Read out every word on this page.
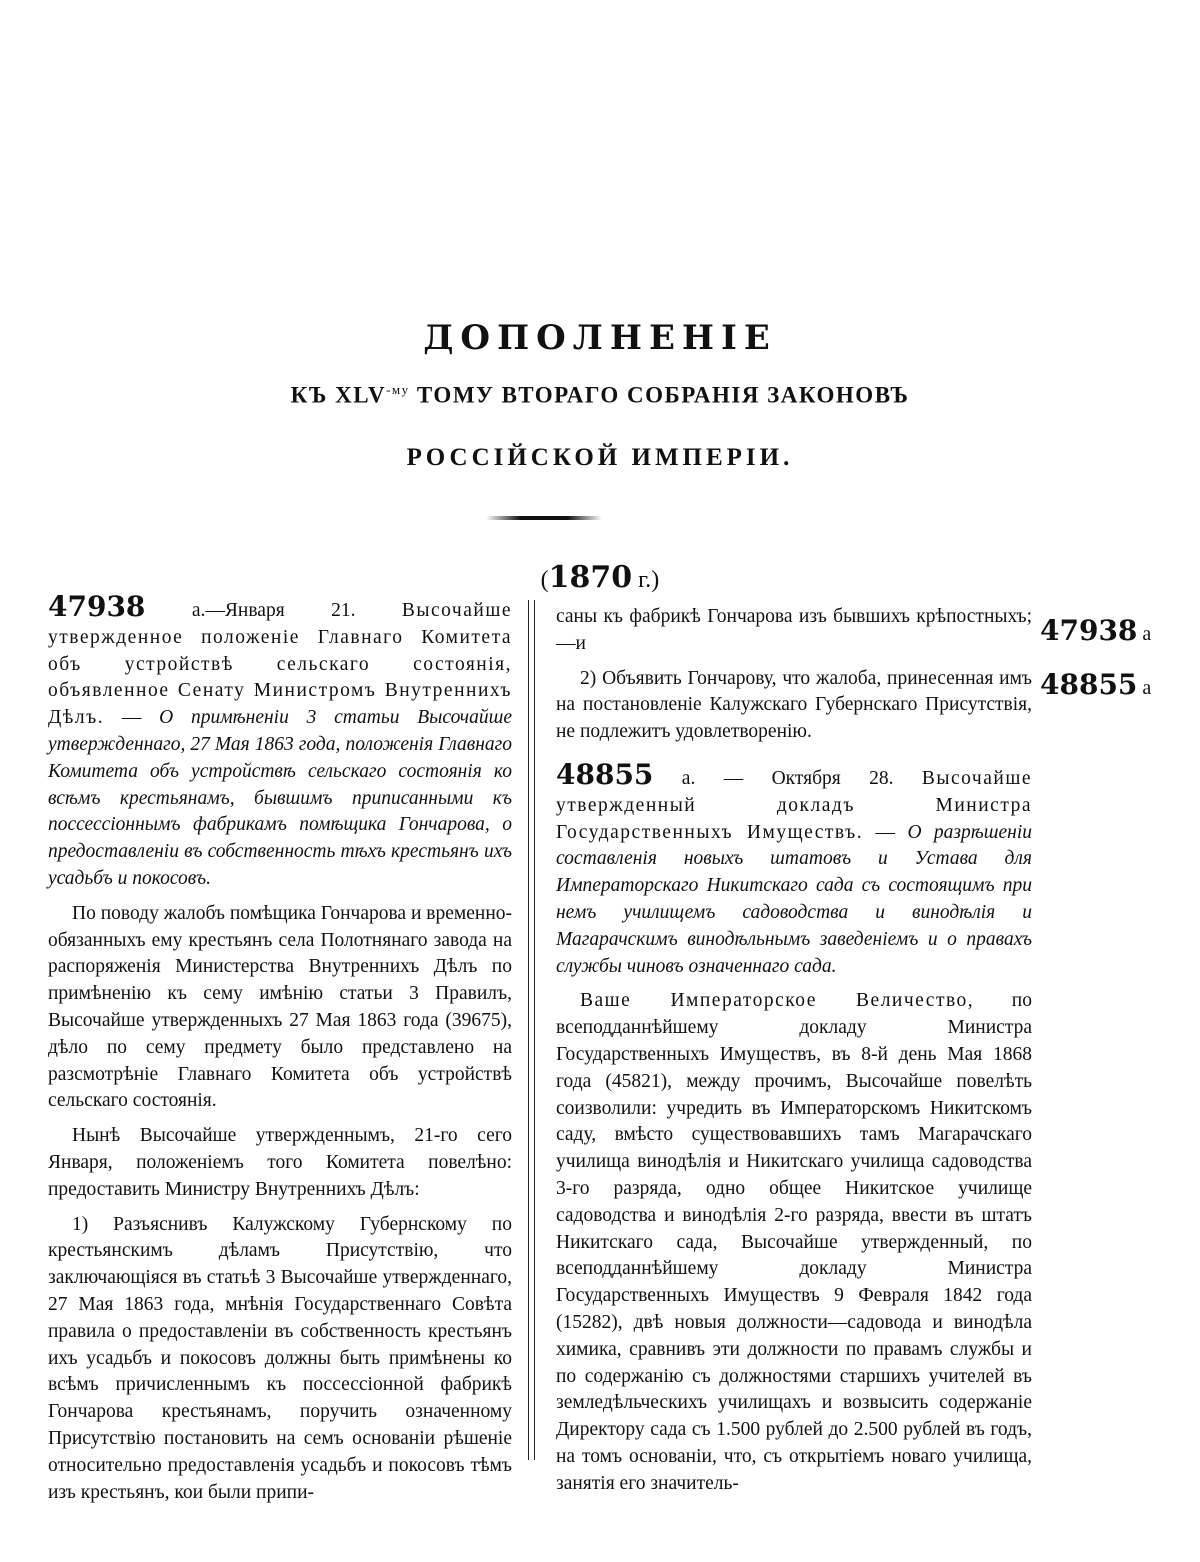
ДОПОЛНЕНІЕ
КЪ $XLV^{-му}$ ТОМУ ВТОРАГО СОБРАНІЯ ЗАКОНОВЪ
РОССІЙСКОЙ ИМПЕРІИ.
(1870 г.)
47938 а
48855 а

47938 а.—Января 21. Высочайше утвержденное положеніе Главнаго Комитета объ устройствѣ сельскаго состоянія, объявленное Сенату Министромъ Внутреннихъ Дѣлъ. — О примѣненіи 3 статьи Высочайше утвержденнаго, 27 Мая 1863 года, положенія Главнаго Комитета объ устройствѣ сельскаго состоянія ко всѣмъ крестьянамъ, бывшимъ приписанными къ поссессіоннымъ фабрикамъ помѣщика Гончарова, о предоставленіи въ собственность тѣхъ крестьянъ ихъ усадьбъ и покосовъ.

По поводу жалобъ помѣщика Гончарова и временно-обязанныхъ ему крестьянъ села Полотнянаго завода на распоряженія Министерства Внутреннихъ Дѣлъ по примѣненію къ сему имѣнію статьи 3 Правилъ, Высочайше утвержденныхъ 27 Мая 1863 года (39675), дѣло по сему предмету было представлено на разсмотрѣніе Главнаго Комитета объ устройствѣ сельскаго состоянія.

Нынѣ Высочайше утвержденнымъ, 21-го сего Января, положеніемъ того Комитета повелѣно: предоставить Министру Внутреннихъ Дѣлъ:

1) Разъяснивъ Калужскому Губернскому по крестьянскимъ дѣламъ Присутствію, что заключающіяся въ статьѣ 3 Высочайше утвержденнаго, 27 Мая 1863 года, мнѣнія Государственнаго Совѣта правила о предоставленіи въ собственность крестьянъ ихъ усадьбъ и покосовъ должны быть примѣнены ко всѣмъ причисленнымъ къ поссессіонной фабрикѣ Гончарова крестьянамъ, поручить означенному Присутствію постановить на семъ основаніи рѣшеніе относительно предоставленія усадьбъ и покосовъ тѣмъ изъ крестьянъ, кои были припи-

саны къ фабрикѣ Гончарова изъ бывшихъ крѣпостныхъ;—и

2) Объявить Гончарову, что жалоба, принесенная имъ на постановленіе Калужскаго Губернскаго Присутствія, не подлежитъ удовлетворенію.

48855 а. — Октября 28. Высочайше утвержденный докладъ Министра Государственныхъ Имуществъ. — О разрѣшеніи составленія новыхъ штатовъ и Устава для Императорскаго Никитскаго сада съ состоящимъ при немъ училищемъ садоводства и винодѣлія и Магарачскимъ винодѣльнымъ заведеніемъ и о правахъ службы чиновъ означеннаго сада.

Ваше Императорское Величество, по всеподданнѣйшему докладу Министра Государственныхъ Имуществъ, въ 8-й день Мая 1868 года (45821), между прочимъ, Высочайше повелѣть соизволили: учредить въ Императорскомъ Никитскомъ саду, вмѣсто существовавшихъ тамъ Магарачскаго училища винодѣлія и Никитскаго училища садоводства 3-го разряда, одно общее Никитское училище садоводства и винодѣлія 2-го разряда, ввести въ штатъ Никитскаго сада, Высочайше утвержденный, по всеподданнѣйшему докладу Министра Государственныхъ Имуществъ 9 Февраля 1842 года (15282), двѣ новыя должности—садовода и винодѣла химика, сравнивъ эти должности по правамъ службы и по содержанію съ должностями старшихъ учителей въ земледѣльческихъ училищахъ и возвысить содержаніе Директору сада съ 1.500 рублей до 2.500 рублей въ годъ, на томъ основаніи, что, съ открытіемъ новаго училища, занятія его значитель-
